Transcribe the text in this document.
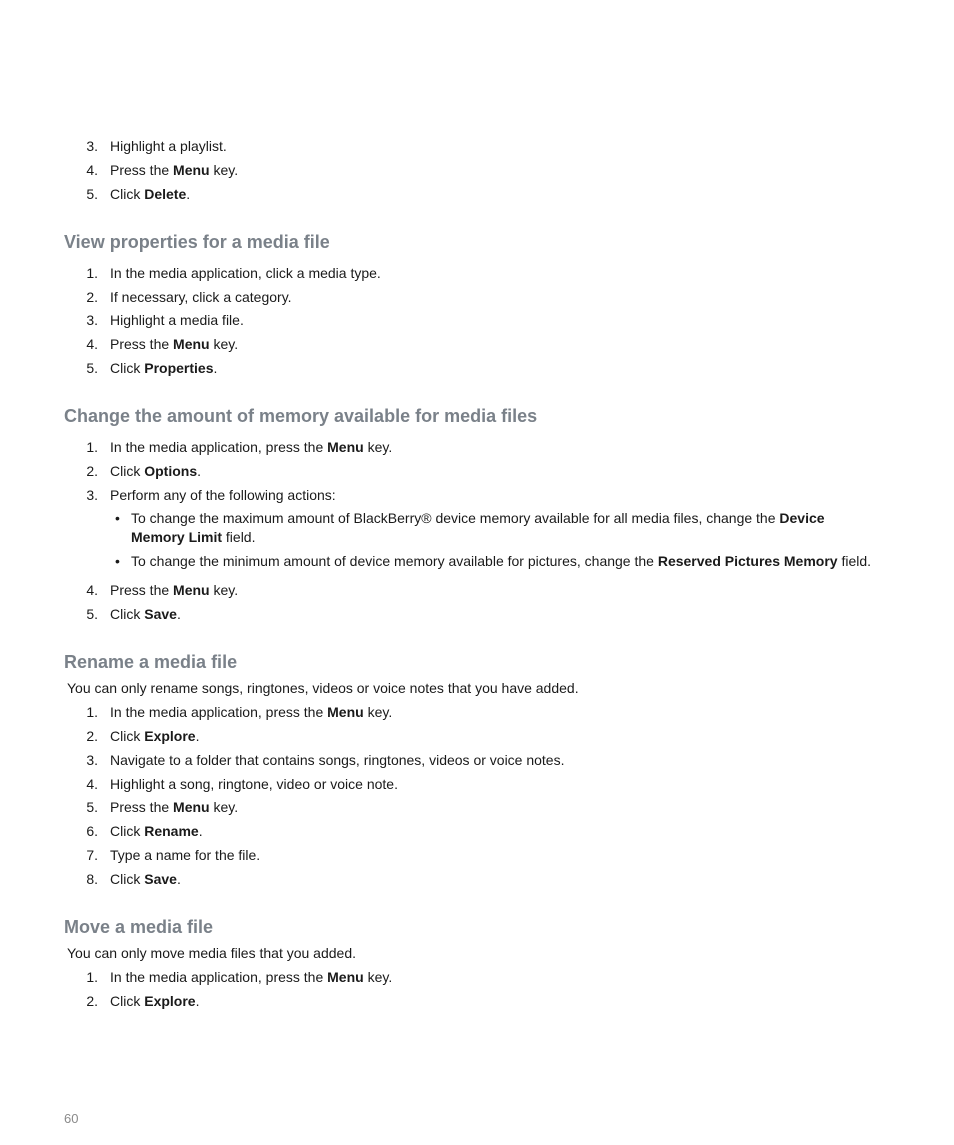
3. Highlight a playlist.
4. Press the Menu key.
5. Click Delete.
View properties for a media file
1. In the media application, click a media type.
2. If necessary, click a category.
3. Highlight a media file.
4. Press the Menu key.
5. Click Properties.
Change the amount of memory available for media files
1. In the media application, press the Menu key.
2. Click Options.
3. Perform any of the following actions:
• To change the maximum amount of BlackBerry® device memory available for all media files, change the Device Memory Limit field.
• To change the minimum amount of device memory available for pictures, change the Reserved Pictures Memory field.
4. Press the Menu key.
5. Click Save.
Rename a media file
You can only rename songs, ringtones, videos or voice notes that you have added.
1. In the media application, press the Menu key.
2. Click Explore.
3. Navigate to a folder that contains songs, ringtones, videos or voice notes.
4. Highlight a song, ringtone, video or voice note.
5. Press the Menu key.
6. Click Rename.
7. Type a name for the file.
8. Click Save.
Move a media file
You can only move media files that you added.
1. In the media application, press the Menu key.
2. Click Explore.
60
